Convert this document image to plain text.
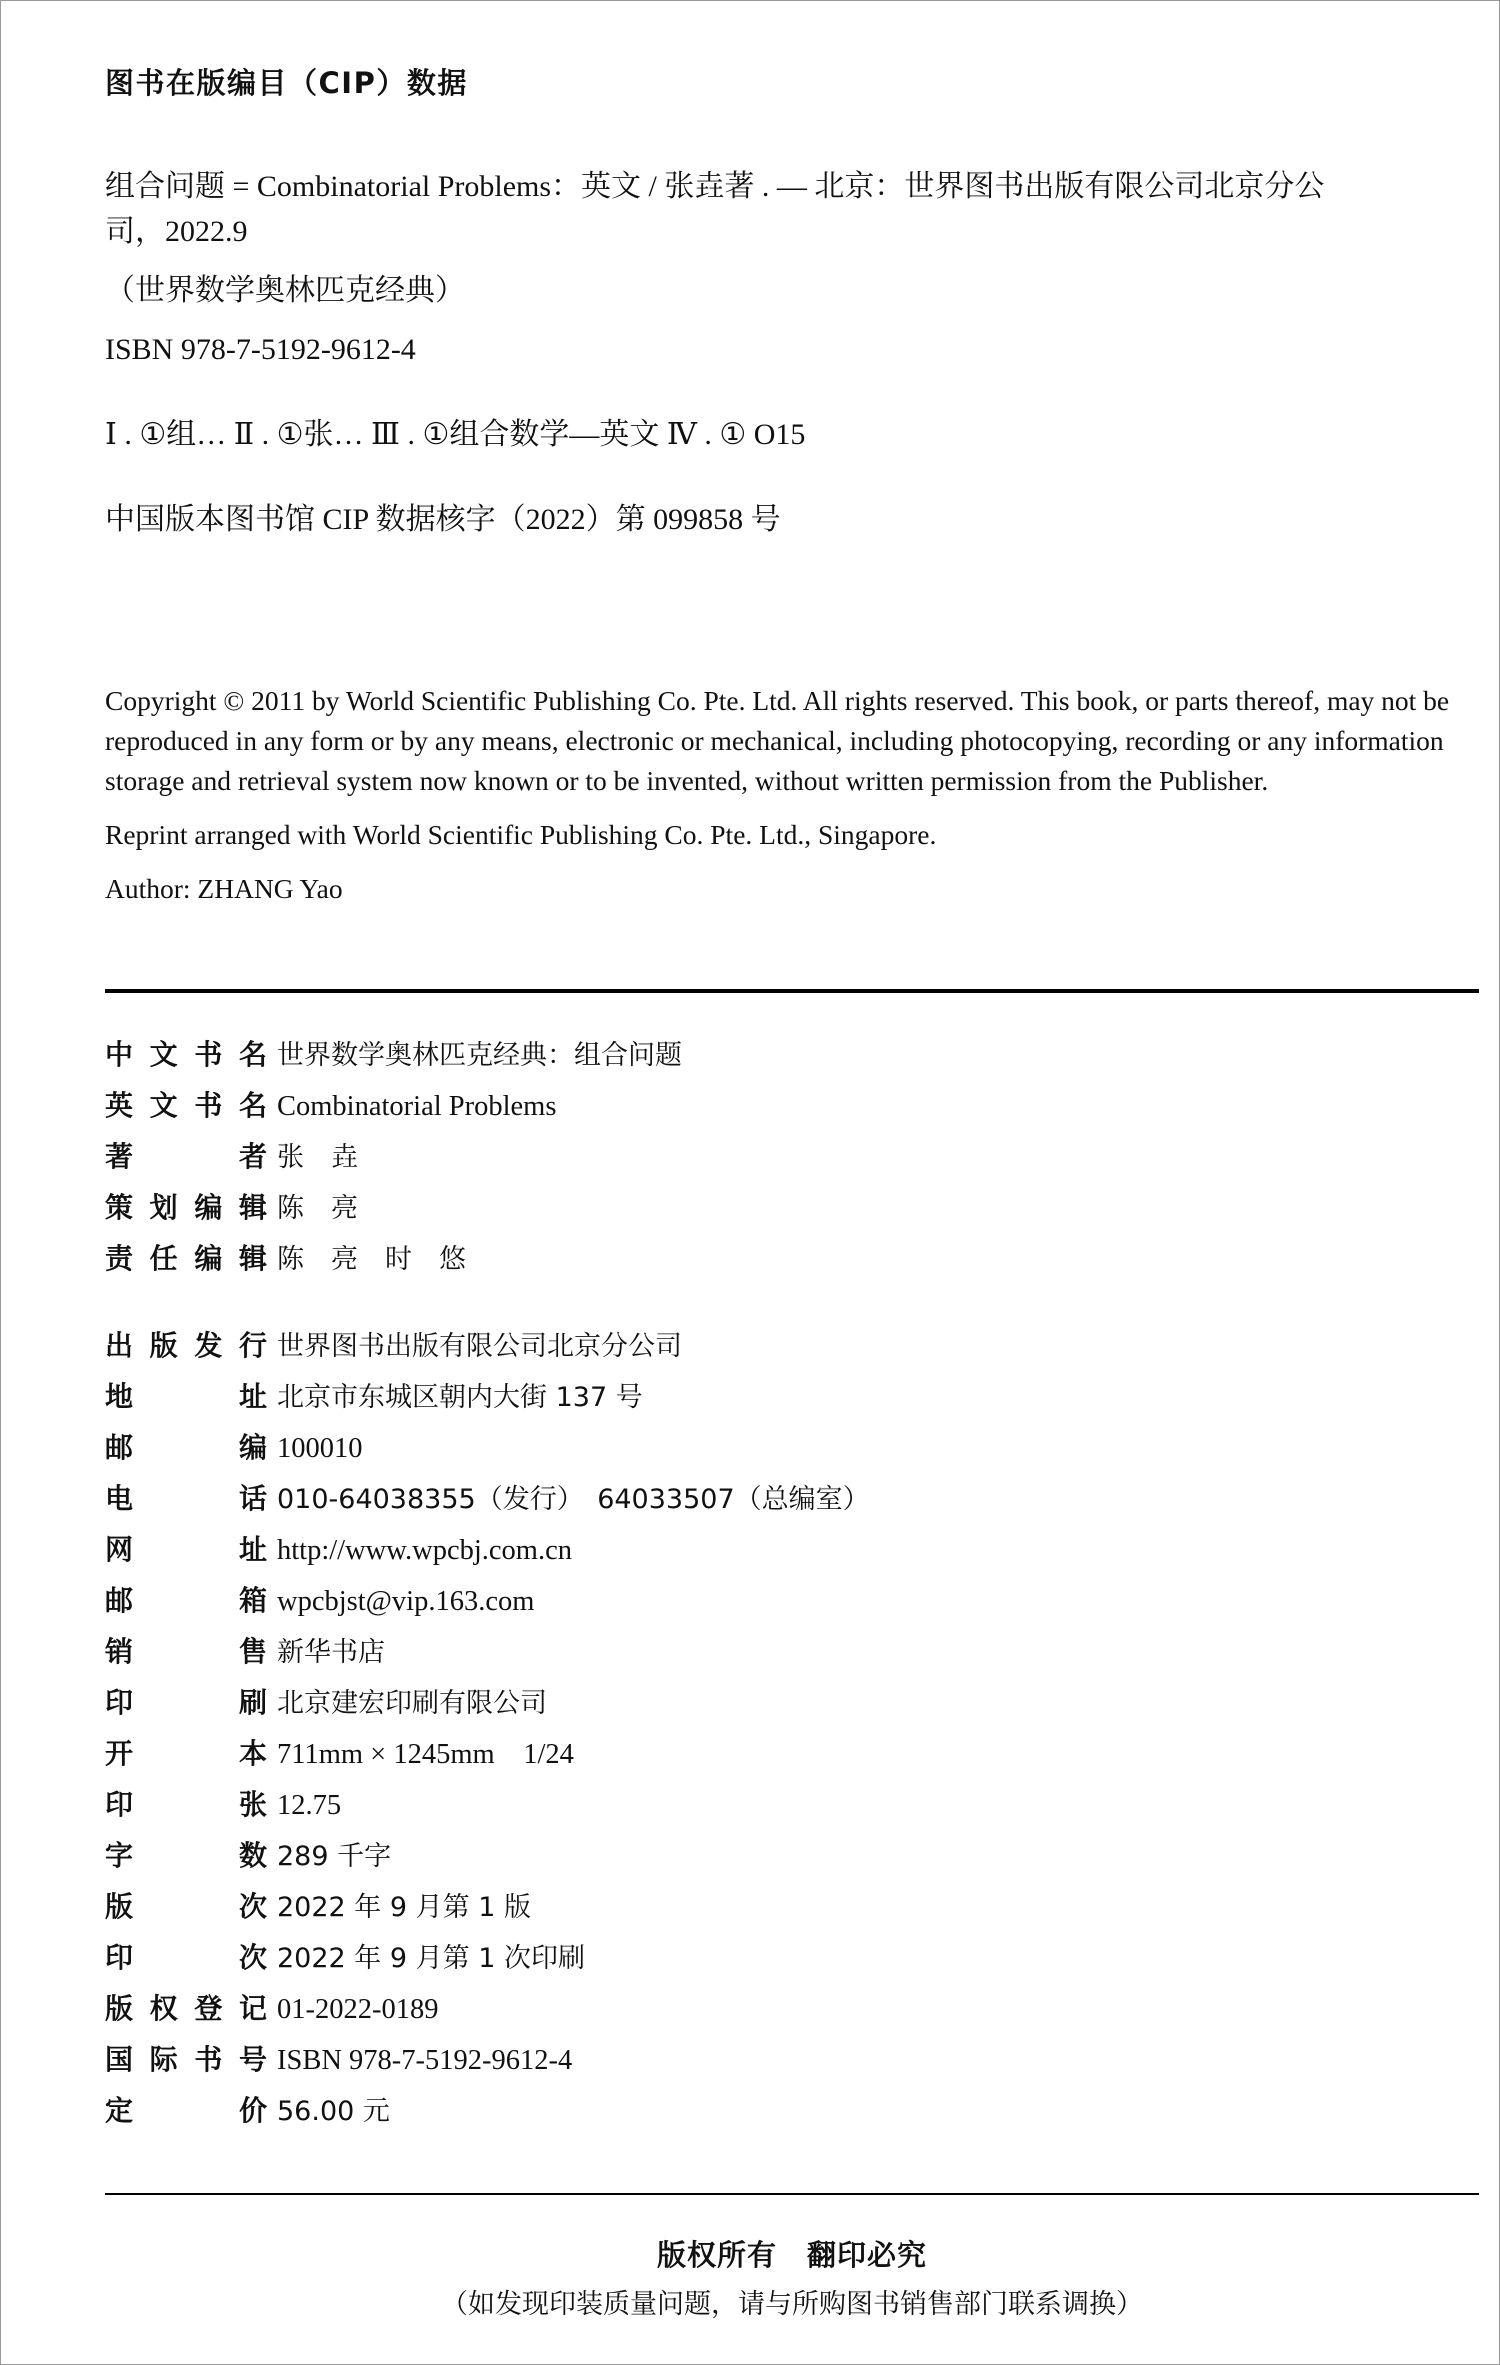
图书在版编目（CIP）数据
组合问题 = Combinatorial Problems：英文 / 张垚著 . — 北京：世界图书出版有限公司北京分公
司，2022.9
（世界数学奥林匹克经典）
ISBN 978-7-5192-9612-4
Ⅰ . ①组… Ⅱ . ①张… Ⅲ . ①组合数学—英文 Ⅳ . ① O15
中国版本图书馆 CIP 数据核字（2022）第 099858 号

Copyright © 2011 by World Scientific Publishing Co. Pte. Ltd. All rights reserved. This book, or parts thereof, may not be reproduced in any form or by any means, electronic or mechanical, including photocopying, recording or any information storage and retrieval system now known or to be invented, without written permission from the Publisher.

Reprint arranged with World Scientific Publishing Co. Pte. Ltd., Singapore.
Author: ZHANG Yao
中文书名 世界数学奥林匹克经典：组合问题
英文书名 Combinatorial Problems
著者 张　垚
策划编辑 陈　亮
责任编辑 陈　亮　时　悠
出版发行 世界图书出版有限公司北京分公司
地址 北京市东城区朝内大街 137 号
邮编 100010
电话 010-64038355（发行）　64033507（总编室）
网址 http://www.wpcbj.com.cn
邮箱 wpcbjst@vip.163.com
销售 新华书店
印刷 北京建宏印刷有限公司
开本 711mm × 1245mm　1/24
印张 12.75
字数 289 千字
版次 2022 年 9 月第 1 版
印次 2022 年 9 月第 1 次印刷
版权登记 01-2022-0189
国际书号 ISBN 978-7-5192-9612-4
定价 56.00 元
版权所有　翻印必究
（如发现印装质量问题，请与所购图书销售部门联系调换）
